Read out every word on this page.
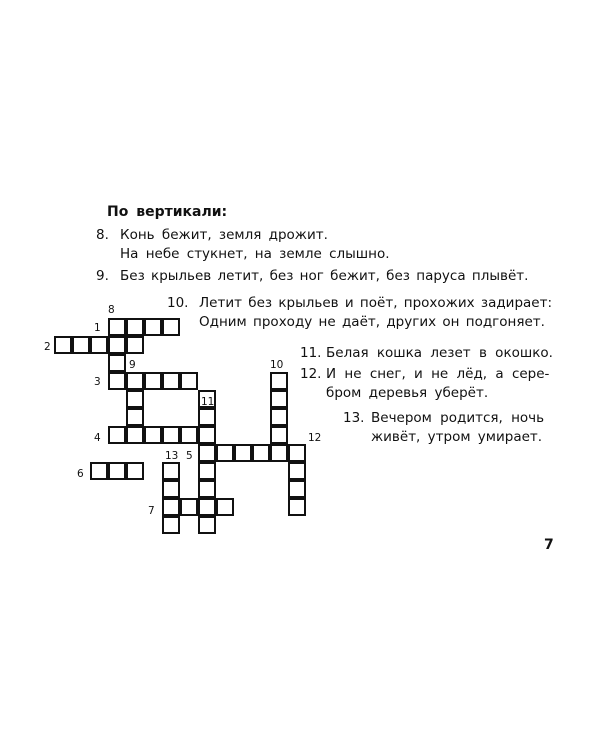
По вертикали:
8. Конь бежит, земля дрожит.
На небе стукнет, на земле слышно.
9. Без крыльев летит, без ног бежит, без паруса плывёт.
10. Летит без крыльев и поёт, прохожих задирает:
Одним проходу не даёт, других он подгоняет.
11. Белая кошка лезет в окошко.
12. И не снег, и не лёд, а сере-
бром деревья уберёт.
13. Вечером родится, ночь
живёт, утром умирает.
8
1
2
9	10
3
11
4	12
13 5
6
7
7
